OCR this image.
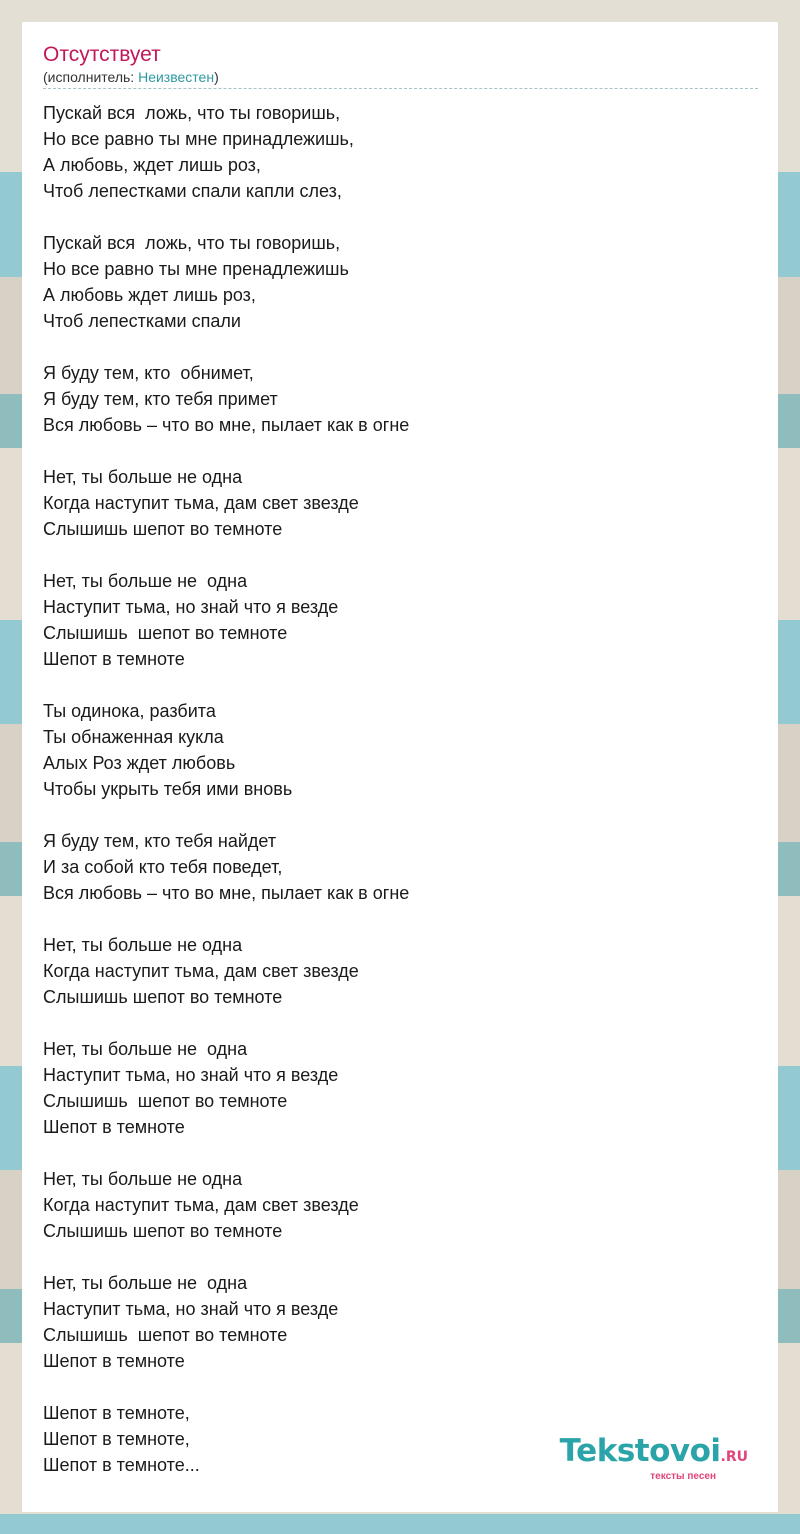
Отсутствует
(исполнитель: Неизвестен)
Пускай вся  ложь, что ты говоришь,
Но все равно ты мне принадлежишь,
А любовь, ждет лишь роз,
Чтоб лепестками спали капли слез,
Пускай вся  ложь, что ты говоришь,
Но все равно ты мне пренадлежишь
А любовь ждет лишь роз,
Чтоб лепестками спали
Я буду тем, кто  обнимет,
Я буду тем, кто тебя примет
Вся любовь – что во мне, пылает как в огне
Нет, ты больше не одна
Когда наступит тьма, дам свет звезде
Слышишь шепот во темноте
Нет, ты больше не  одна
Наступит тьма, но знай что я везде
Слышишь  шепот во темноте
Шепот в темноте
Ты одинока, разбита
Ты обнаженная кукла
Алых Роз ждет любовь
Чтобы укрыть тебя ими вновь
Я буду тем, кто тебя найдет
И за собой кто тебя поведет,
Вся любовь – что во мне, пылает как в огне
Нет, ты больше не одна
Когда наступит тьма, дам свет звезде
Слышишь шепот во темноте
Нет, ты больше не  одна
Наступит тьма, но знай что я везде
Слышишь  шепот во темноте
Шепот в темноте
Нет, ты больше не одна
Когда наступит тьма, дам свет звезде
Слышишь шепот во темноте
Нет, ты больше не  одна
Наступит тьма, но знай что я везде
Слышишь  шепот во темноте
Шепот в темноте
Шепот в темноте,
Шепот в темноте,
Шепот в темноте...	Tekstovoi.RU
тексты песен
